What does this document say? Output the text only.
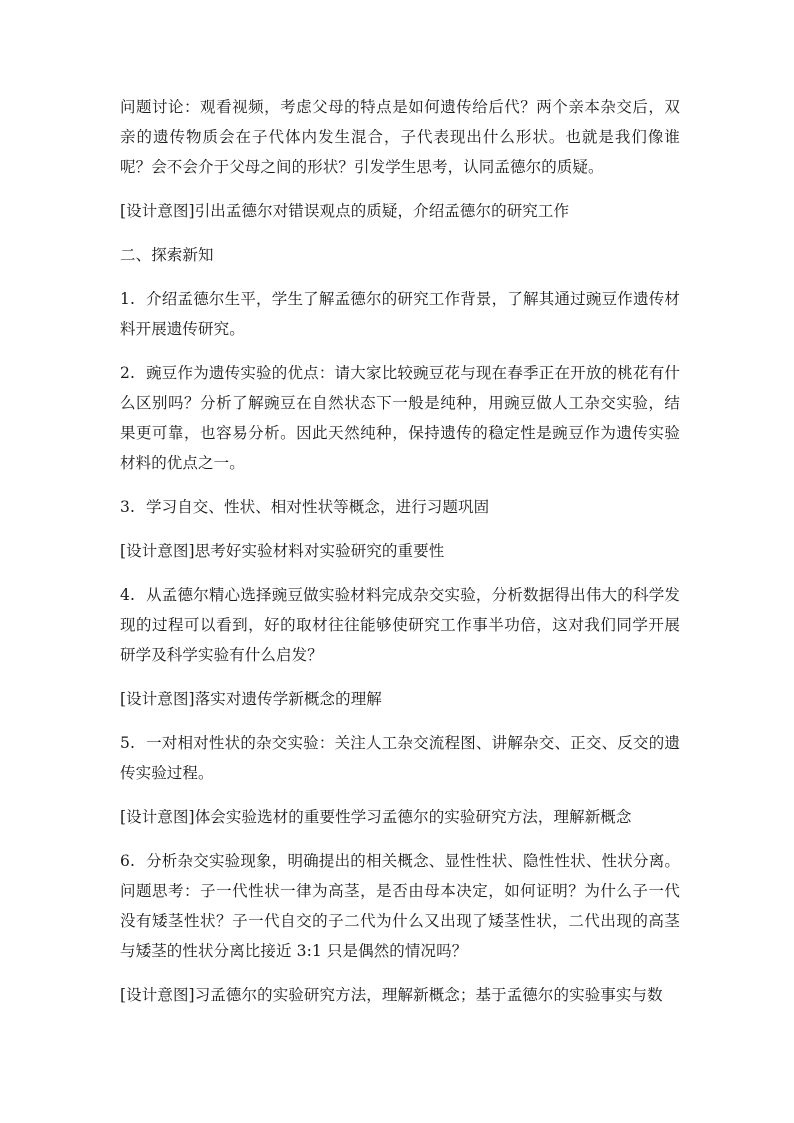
问题讨论：观看视频，考虑父母的特点是如何遗传给后代？两个亲本杂交后，双亲的遗传物质会在子代体内发生混合，子代表现出什么形状。也就是我们像谁呢？会不会介于父母之间的形状？引发学生思考，认同孟德尔的质疑。

[设计意图]引出孟德尔对错误观点的质疑，介绍孟德尔的研究工作

二、探索新知

1. 介绍孟德尔生平，学生了解孟德尔的研究工作背景，了解其通过豌豆作遗传材料开展遗传研究。

2. 豌豆作为遗传实验的优点：请大家比较豌豆花与现在春季正在开放的桃花有什么区别吗？分析了解豌豆在自然状态下一般是纯种，用豌豆做人工杂交实验，结果更可靠，也容易分析。因此天然纯种，保持遗传的稳定性是豌豆作为遗传实验材料的优点之一。

3. 学习自交、性状、相对性状等概念，进行习题巩固

[设计意图]思考好实验材料对实验研究的重要性

4. 从孟德尔精心选择豌豆做实验材料完成杂交实验，分析数据得出伟大的科学发现的过程可以看到，好的取材往往能够使研究工作事半功倍，这对我们同学开展研学及科学实验有什么启发？

[设计意图]落实对遗传学新概念的理解

5. 一对相对性状的杂交实验：关注人工杂交流程图、讲解杂交、正交、反交的遗传实验过程。

[设计意图]体会实验选材的重要性学习孟德尔的实验研究方法，理解新概念

6. 分析杂交实验现象，明确提出的相关概念、显性性状、隐性性状、性状分离。问题思考：子一代性状一律为高茎，是否由母本决定，如何证明？为什么子一代没有矮茎性状？子一代自交的子二代为什么又出现了矮茎性状，二代出现的高茎与矮茎的性状分离比接近 3:1 只是偶然的情况吗？

[设计意图]习孟德尔的实验研究方法，理解新概念；基于孟德尔的实验事实与数
